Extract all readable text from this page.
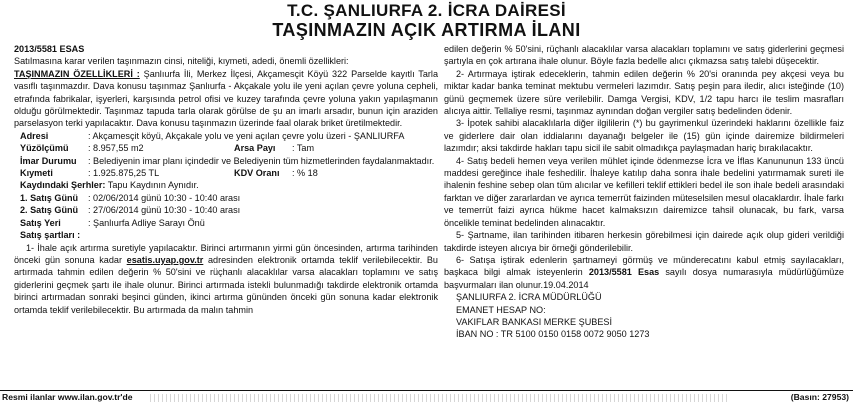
T.C. ŞANLIURFA 2. İCRA DAİRESİ
TAŞINMAZIN AÇIK ARTIRMA İLANI
2013/5581 ESAS
Satılmasına karar verilen taşınmazın cinsi, niteliği, kıymeti, adedi, önemli özellikleri:
TAŞINMAZIN ÖZELLİKLERİ : Şanlıurfa İli, Merkez İlçesi, Akçamesçit Köyü 322 Parselde kayıtlı Tarla vasıflı taşınmazdır. Dava konusu taşınmaz Şanlıurfa - Akçakale yolu ile yeni açılan çevre yoluna cepheli, etrafında fabrikalar, işyerleri, karşısında petrol ofisi ve kuzey tarafında çevre yoluna yakın yapılaşmanın olduğu görülmektedir. Taşınmaz tapuda tarla olarak görülse de şu an imarlı arsadır, bunun için araziden parselasyon terki yapılacaktır. Dava konusu taşınmazın üzerinde faal olarak briket üretilmektedir.
Adresi	: Akçamesçit köyü, Akçakale yolu ve yeni açılan çevre yolu üzeri - ŞANLIURFA
Yüzölçümü	: 8.957,55 m2	Arsa Payı	: Tam
İmar Durumu	: Belediyenin imar planı içindedir ve Belediyenin tüm hizmetlerinden faydalanmaktadır.
Kıymeti	: 1.925.875,25 TL	KDV Oranı	: % 18
Kaydındaki Şerhler: Tapu Kaydının Aynıdır.
1. Satış Günü	: 02/06/2014 günü 10:30 - 10:40 arası
2. Satış Günü	: 27/06/2014 günü 10:30 - 10:40 arası
Satış Yeri	: Şanlıurfa Adliye Sarayı Önü
Satış şartları :
1- İhale açık artırma suretiyle yapılacaktır. Birinci artırmanın yirmi gün öncesinden, artırma tarihinden önceki gün sonuna kadar esatis.uyap.gov.tr adresinden elektronik ortamda teklif verilebilecektir. Bu artırmada tahmin edilen değerin % 50'sini ve rüçhanlı alacaklılar varsa alacakları toplamını ve satış giderlerini geçmek şartı ile ihale olunur. Birinci artırmada istekli bulunmadığı takdirde elektronik ortamda birinci artırmadan sonraki beşinci günden, ikinci artırma gününden önceki gün sonuna kadar elektronik ortamda teklif verilebilecektir. Bu artırmada da malın tahmin
edilen değerin % 50'sini, rüçhanlı alacaklılar varsa alacakları toplamını ve satış giderlerini geçmesi şartıyla en çok artırana ihale olunur. Böyle fazla bedelle alıcı çıkmazsa satış talebi düşecektir.
2- Artırmaya iştirak edeceklerin, tahmin edilen değerin % 20'si oranında pey akçesi veya bu miktar kadar banka teminat mektubu vermeleri lazımdır. Satış peşin para iledir, alıcı isteğinde (10) günü geçmemek üzere süre verilebilir. Damga Vergisi, KDV, 1/2 tapu harcı ile teslim masrafları alıcıya aittir. Tellaliye resmi, taşınmaz aynından doğan vergiler satış bedelinden ödenir.
3- İpotek sahibi alacaklılarla diğer ilgililerin (*) bu gayrimenkul üzerindeki haklarını özellikle faiz ve giderlere dair olan iddialarını dayanağı belgeler ile (15) gün içinde dairemize bildirmeleri lazımdır; aksi takdirde hakları tapu sicil ile sabit olmadıkça paylaşmadan hariç bırakılacaktır.
4- Satış bedeli hemen veya verilen mühlet içinde ödenmezse İcra ve İflas Kanununun 133 üncü maddesi gereğince ihale feshedilir. İhaleye katılıp daha sonra ihale bedelini yatırmamak sureti ile ihalenin feshine sebep olan tüm alıcılar ve kefilleri teklif ettikleri bedel ile son ihale bedeli arasındaki farktan ve diğer zararlardan ve ayrıca temerrüt faizinden müteselsilen mesul olacaklardır. İhale farkı ve temerrüt faizi ayrıca hükme hacet kalmaksızın dairemizce tahsil olunacak, bu fark, varsa öncelikle teminat bedelinden alınacaktır.
5- Şartname, ilan tarihinden itibaren herkesin görebilmesi için dairede açık olup gideri verildiği takdirde isteyen alıcıya bir örneği gönderilebilir.
6- Satışa iştirak edenlerin şartnameyi görmüş ve münderecatını kabul etmiş sayılacakları, başkaca bilgi almak isteyenlerin 2013/5581 Esas sayılı dosya numarasıyla müdürlüğümüze başvurmaları ilan olunur.19.04.2014
ŞANLIURFA 2. İCRA MÜDÜRLÜĞÜ
EMANET HESAP NO:
VAKIFLAR BANKASI MERKE ŞUBESİ
İBAN NO : TR 5100 0150 0158 0072 9050 1273
Resmi ilanlar www.ilan.gov.tr'de	(Basın: 27953)
